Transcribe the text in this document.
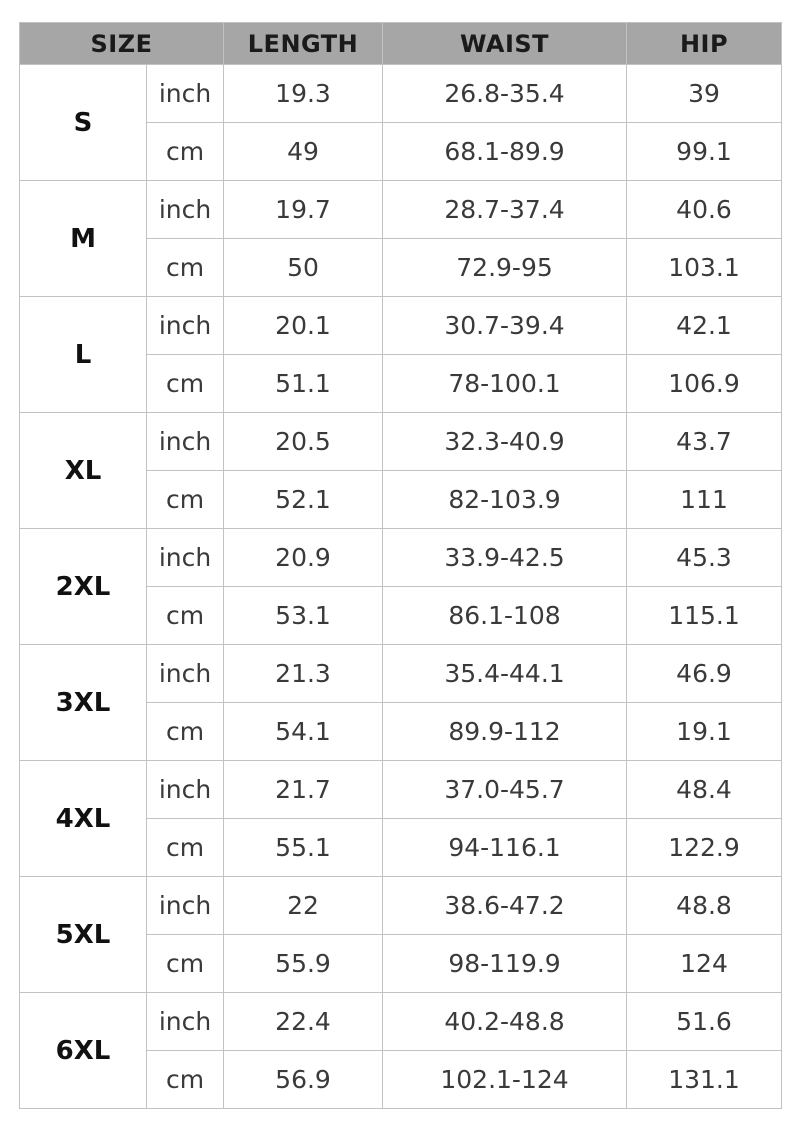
SIZE		LENGTH	WAIST	HIP
S	inch	19.3	26.8-35.4	39
	cm	49	68.1-89.9	99.1
M	inch	19.7	28.7-37.4	40.6
	cm	50	72.9-95	103.1
L	inch	20.1	30.7-39.4	42.1
	cm	51.1	78-100.1	106.9
XL	inch	20.5	32.3-40.9	43.7
	cm	52.1	82-103.9	111
2XL	inch	20.9	33.9-42.5	45.3
	cm	53.1	86.1-108	115.1
3XL	inch	21.3	35.4-44.1	46.9
	cm	54.1	89.9-112	19.1
4XL	inch	21.7	37.0-45.7	48.4
	cm	55.1	94-116.1	122.9
5XL	inch	22	38.6-47.2	48.8
	cm	55.9	98-119.9	124
6XL	inch	22.4	40.2-48.8	51.6
	cm	56.9	102.1-124	131.1
